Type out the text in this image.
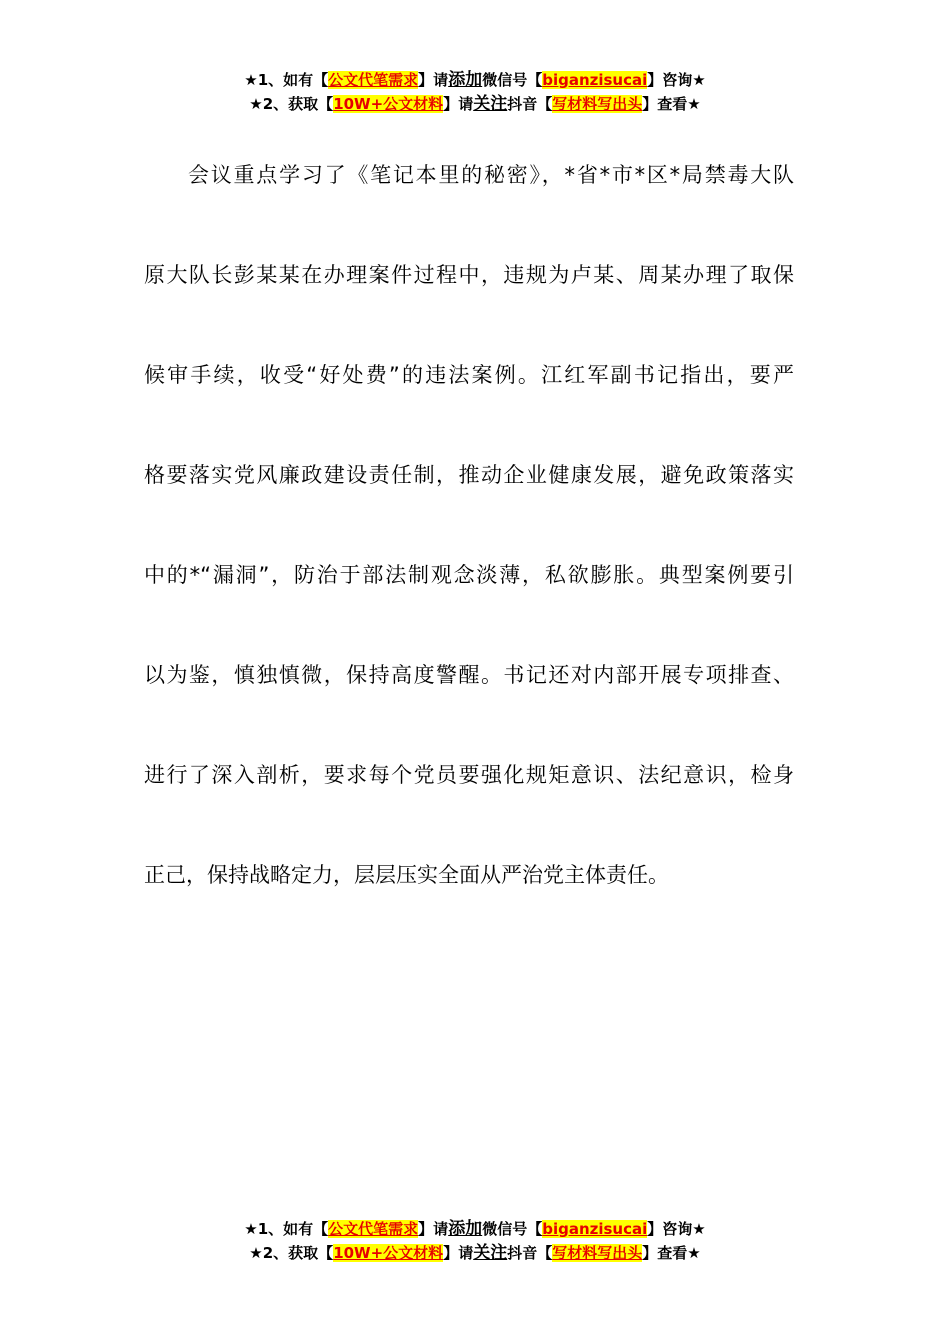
★1、如有【公文代笔需求】请添加微信号【biganzisucai】咨询★
★2、获取【10W+公文材料】请关注抖音【写材料写出头】查看★
会议重点学习了《笔记本里的秘密》，*省*市*区*局禁毒大队
原大队长彭某某在办理案件过程中，违规为卢某、周某办理了取保
候审手续，收受“好处费”的违法案例。江红军副书记指出，要严
格要落实党风廉政建设责任制，推动企业健康发展，避免政策落实
中的*“漏洞”，防治于部法制观念淡薄，私欲膨胀。典型案例要引
以为鉴，慎独慎微，保持高度警醒。书记还对内部开展专项排查、
进行了深入剖析，要求每个党员要强化规矩意识、法纪意识，检身
正己，保持战略定力，层层压实全面从严治党主体责任。
★1、如有【公文代笔需求】请添加微信号【biganzisucai】咨询★
★2、获取【10W+公文材料】请关注抖音【写材料写出头】查看★
